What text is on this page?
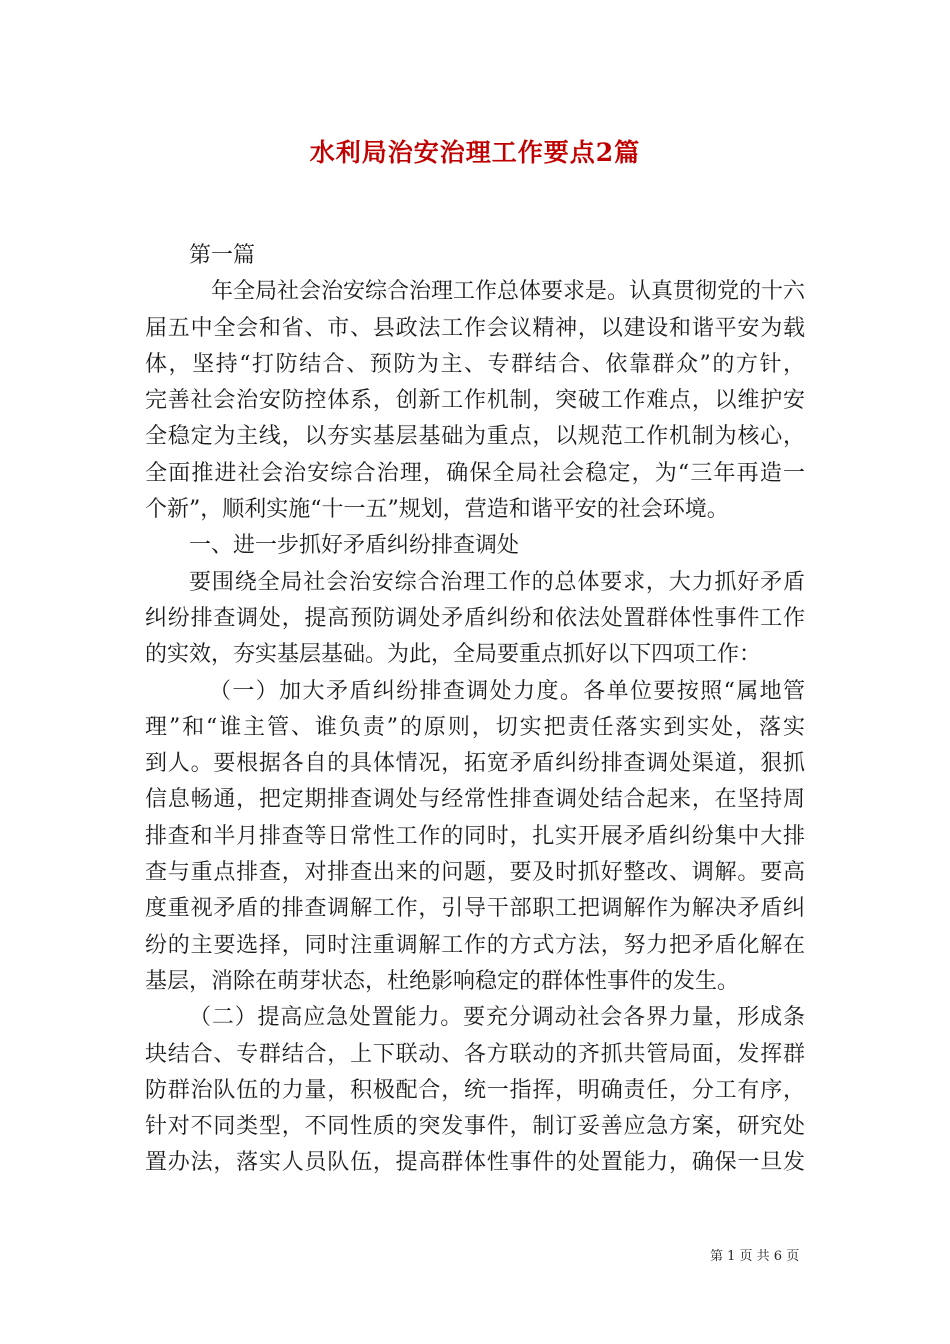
水利局治安治理工作要点2篇
第一篇
年全局社会治安综合治理工作总体要求是。认真贯彻党的十六
届五中全会和省、市、县政法工作会议精神，以建设和谐平安为载
体，坚持“打防结合、预防为主、专群结合、依靠群众”的方针，
完善社会治安防控体系，创新工作机制，突破工作难点，以维护安
全稳定为主线，以夯实基层基础为重点，以规范工作机制为核心，
全面推进社会治安综合治理，确保全局社会稳定，为“三年再造一
个新”，顺利实施“十一五”规划，营造和谐平安的社会环境。
一、进一步抓好矛盾纠纷排查调处
要围绕全局社会治安综合治理工作的总体要求，大力抓好矛盾
纠纷排查调处，提高预防调处矛盾纠纷和依法处置群体性事件工作
的实效，夯实基层基础。为此，全局要重点抓好以下四项工作：
（一）加大矛盾纠纷排查调处力度。各单位要按照“属地管
理”和“谁主管、谁负责”的原则，切实把责任落实到实处，落实
到人。要根据各自的具体情况，拓宽矛盾纠纷排查调处渠道，狠抓
信息畅通，把定期排查调处与经常性排查调处结合起来，在坚持周
排查和半月排查等日常性工作的同时，扎实开展矛盾纠纷集中大排
查与重点排查，对排查出来的问题，要及时抓好整改、调解。要高
度重视矛盾的排查调解工作，引导干部职工把调解作为解决矛盾纠
纷的主要选择，同时注重调解工作的方式方法，努力把矛盾化解在
基层，消除在萌芽状态，杜绝影响稳定的群体性事件的发生。
（二）提高应急处置能力。要充分调动社会各界力量，形成条
块结合、专群结合，上下联动、各方联动的齐抓共管局面，发挥群
防群治队伍的力量，积极配合，统一指挥，明确责任，分工有序，
针对不同类型，不同性质的突发事件，制订妥善应急方案，研究处
置办法，落实人员队伍，提高群体性事件的处置能力，确保一旦发
第 1 页 共 6 页
